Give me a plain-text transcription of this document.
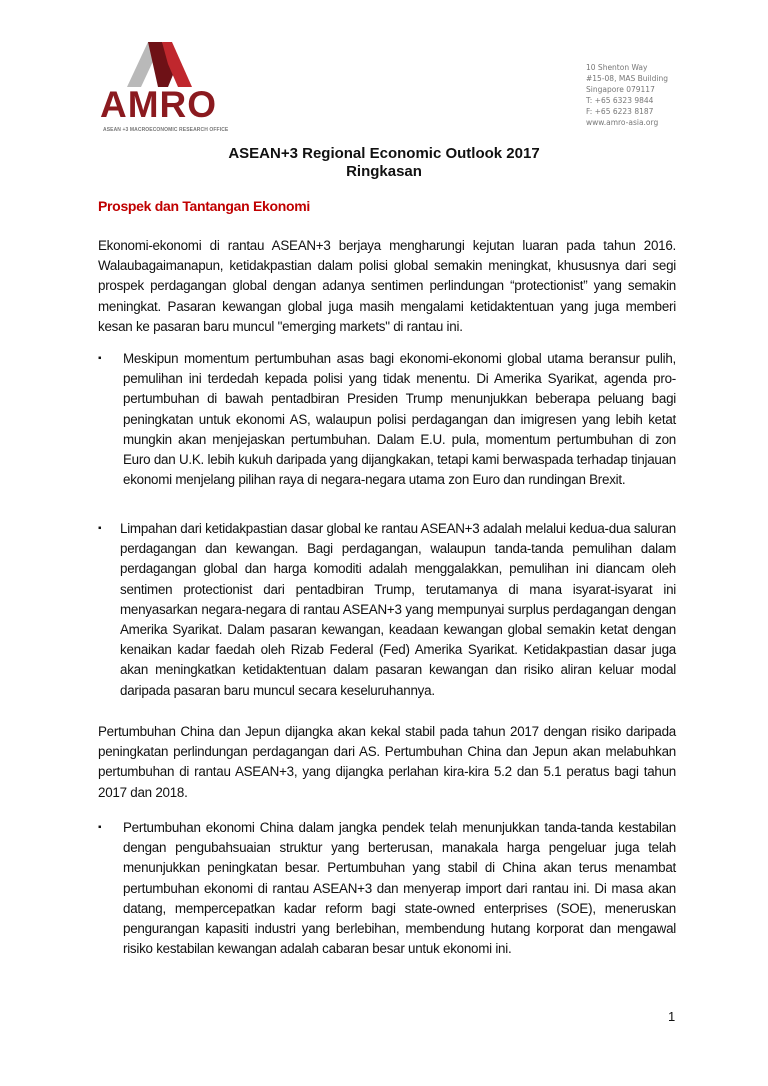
AMRO
ASEAN +3 MACROECONOMIC RESEARCH OFFICE
10 Shenton Way
#15-08, MAS Building
Singapore 079117
T: +65 6323 9844
F: +65 6223 8187
www.amro-asia.org
ASEAN+3 Regional Economic Outlook 2017
Ringkasan
Prospek dan Tantangan Ekonomi
Ekonomi-ekonomi di rantau ASEAN+3 berjaya mengharungi kejutan luaran pada tahun 2016. Walaubagaimanapun, ketidakpastian dalam polisi global semakin meningkat, khususnya dari segi prospek perdagangan global dengan adanya sentimen perlindungan “protectionist” yang semakin meningkat. Pasaran kewangan global juga masih mengalami ketidaktentuan yang juga memberi kesan ke pasaran baru muncul "emerging markets" di rantau ini.
▪ Meskipun momentum pertumbuhan asas bagi ekonomi-ekonomi global utama beransur pulih, pemulihan ini terdedah kepada polisi yang tidak menentu. Di Amerika Syarikat, agenda pro-pertumbuhan di bawah pentadbiran Presiden Trump menunjukkan beberapa peluang bagi peningkatan untuk ekonomi AS, walaupun polisi perdagangan dan imigresen yang lebih ketat mungkin akan menjejaskan pertumbuhan. Dalam E.U. pula, momentum pertumbuhan di zon Euro dan U.K. lebih kukuh daripada yang dijangkakan, tetapi kami berwaspada terhadap tinjauan ekonomi menjelang pilihan raya di negara-negara utama zon Euro dan rundingan Brexit.
▪ Limpahan dari ketidakpastian dasar global ke rantau ASEAN+3 adalah melalui kedua-dua saluran perdagangan dan kewangan. Bagi perdagangan, walaupun tanda-tanda pemulihan dalam perdagangan global dan harga komoditi adalah menggalakkan, pemulihan ini diancam oleh sentimen protectionist dari pentadbiran Trump, terutamanya di mana isyarat-isyarat ini menyasarkan negara-negara di rantau ASEAN+3 yang mempunyai surplus perdagangan dengan Amerika Syarikat. Dalam pasaran kewangan, keadaan kewangan global semakin ketat dengan kenaikan kadar faedah oleh Rizab Federal (Fed) Amerika Syarikat. Ketidakpastian dasar juga akan meningkatkan ketidaktentuan dalam pasaran kewangan dan risiko aliran keluar modal daripada pasaran baru muncul secara keseluruhannya.
Pertumbuhan China dan Jepun dijangka akan kekal stabil pada tahun 2017 dengan risiko daripada peningkatan perlindungan perdagangan dari AS. Pertumbuhan China dan Jepun akan melabuhkan pertumbuhan di rantau ASEAN+3, yang dijangka perlahan kira-kira 5.2 dan 5.1 peratus bagi tahun 2017 dan 2018.
▪ Pertumbuhan ekonomi China dalam jangka pendek telah menunjukkan tanda-tanda kestabilan dengan pengubahsuaian struktur yang berterusan, manakala harga pengeluar juga telah menunjukkan peningkatan besar. Pertumbuhan yang stabil di China akan terus menambat pertumbuhan ekonomi di rantau ASEAN+3 dan menyerap import dari rantau ini. Di masa akan datang, mempercepatkan kadar reform bagi state-owned enterprises (SOE), meneruskan pengurangan kapasiti industri yang berlebihan, membendung hutang korporat dan mengawal risiko kestabilan kewangan adalah cabaran besar untuk ekonomi ini.
1
